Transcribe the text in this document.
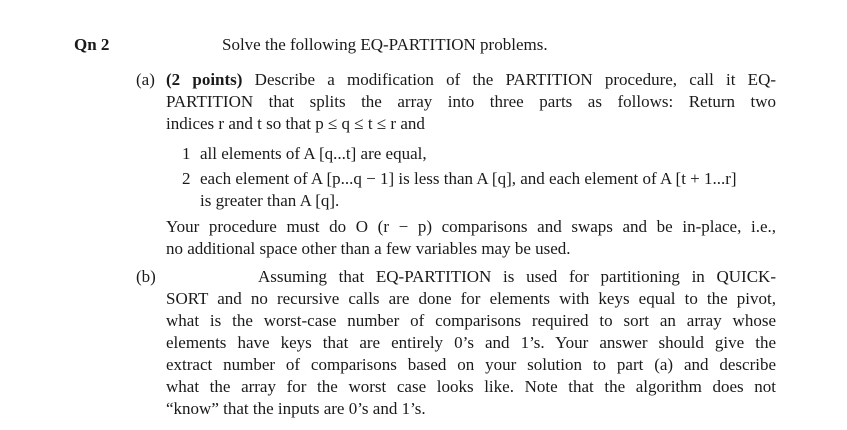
Qn 2	Solve the following EQ-PARTITION problems.
(a) (2 points) Describe a modification of the PARTITION procedure, call it EQ-
PARTITION that splits the array into three parts as follows: Return two
indices r and t so that p ≤ q ≤ t ≤ r and
1 all elements of A [q...t] are equal,
2 each element of A [p...q − 1] is less than A [q], and each element of A [t + 1...r]
is greater than A [q].
Your procedure must do O (r − p) comparisons and swaps and be in-place, i.e.,
no additional space other than a few variables may be used.
(b)	Assuming that EQ-PARTITION is used for partitioning in QUICK-
SORT and no recursive calls are done for elements with keys equal to the pivot,
what is the worst-case number of comparisons required to sort an array whose
elements have keys that are entirely 0’s and 1’s. Your answer should give the
extract number of comparisons based on your solution to part (a) and describe
what the array for the worst case looks like. Note that the algorithm does not
“know” that the inputs are 0’s and 1’s.
